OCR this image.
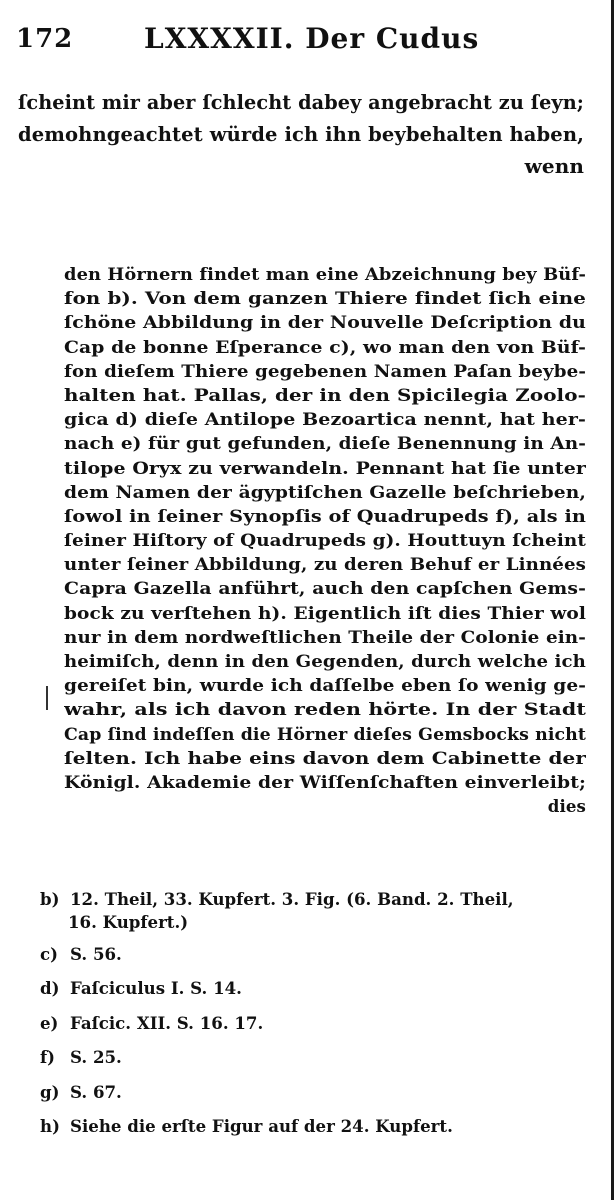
172	LXXXXII. Der Cudus
ſcheint mir aber ſchlecht dabey angebracht zu ſeyn;
demohngeachtet würde ich ihn beybehalten haben,
wenn
den Hörnern findet man eine Abzeichnung bey Büf-
fon b). Von dem ganzen Thiere findet ſich eine
ſchöne Abbildung in der Nouvelle Deſcription du
Cap de bonne Eſperance c), wo man den von Büf-
fon dieſem Thiere gegebenen Namen Paſan beybe-
halten hat. Pallas, der in den Spicilegia Zoolo-
gica d) dieſe Antilope Bezoartica nennt, hat her-
nach e) für gut gefunden, dieſe Benennung in An-
tilope Oryx zu verwandeln. Pennant hat ſie unter
dem Namen der ägyptiſchen Gazelle beſchrieben,
ſowol in ſeiner Synopſis of Quadrupeds f), als in
ſeiner Hiſtory of Quadrupeds g). Houttuyn ſcheint
unter ſeiner Abbildung, zu deren Behuf er Linnées
Capra Gazella anführt, auch den capſchen Gems-
bock zu verſtehen h). Eigentlich iſt dies Thier wol
nur in dem nordweſtlichen Theile der Colonie ein-
heimiſch, denn in den Gegenden, durch welche ich
gereiſet bin, wurde ich daſſelbe eben ſo wenig ge-
wahr, als ich davon reden hörte. In der Stadt
Cap ſind indeſſen die Hörner dieſes Gemsbocks nicht
ſelten. Ich habe eins davon dem Cabinette der
Königl. Akademie der Wiſſenſchaften einverleibt;
dies
b) 12. Theil, 33. Kupfert. 3. Fig. (6. Band. 2. Theil,
16. Kupfert.)
c) S. 56.
d) Faſciculus I. S. 14.
e) Faſcic. XII. S. 16. 17.
f) S. 25.
g) S. 67.
h) Siehe die erſte Figur auf der 24. Kupfert.
